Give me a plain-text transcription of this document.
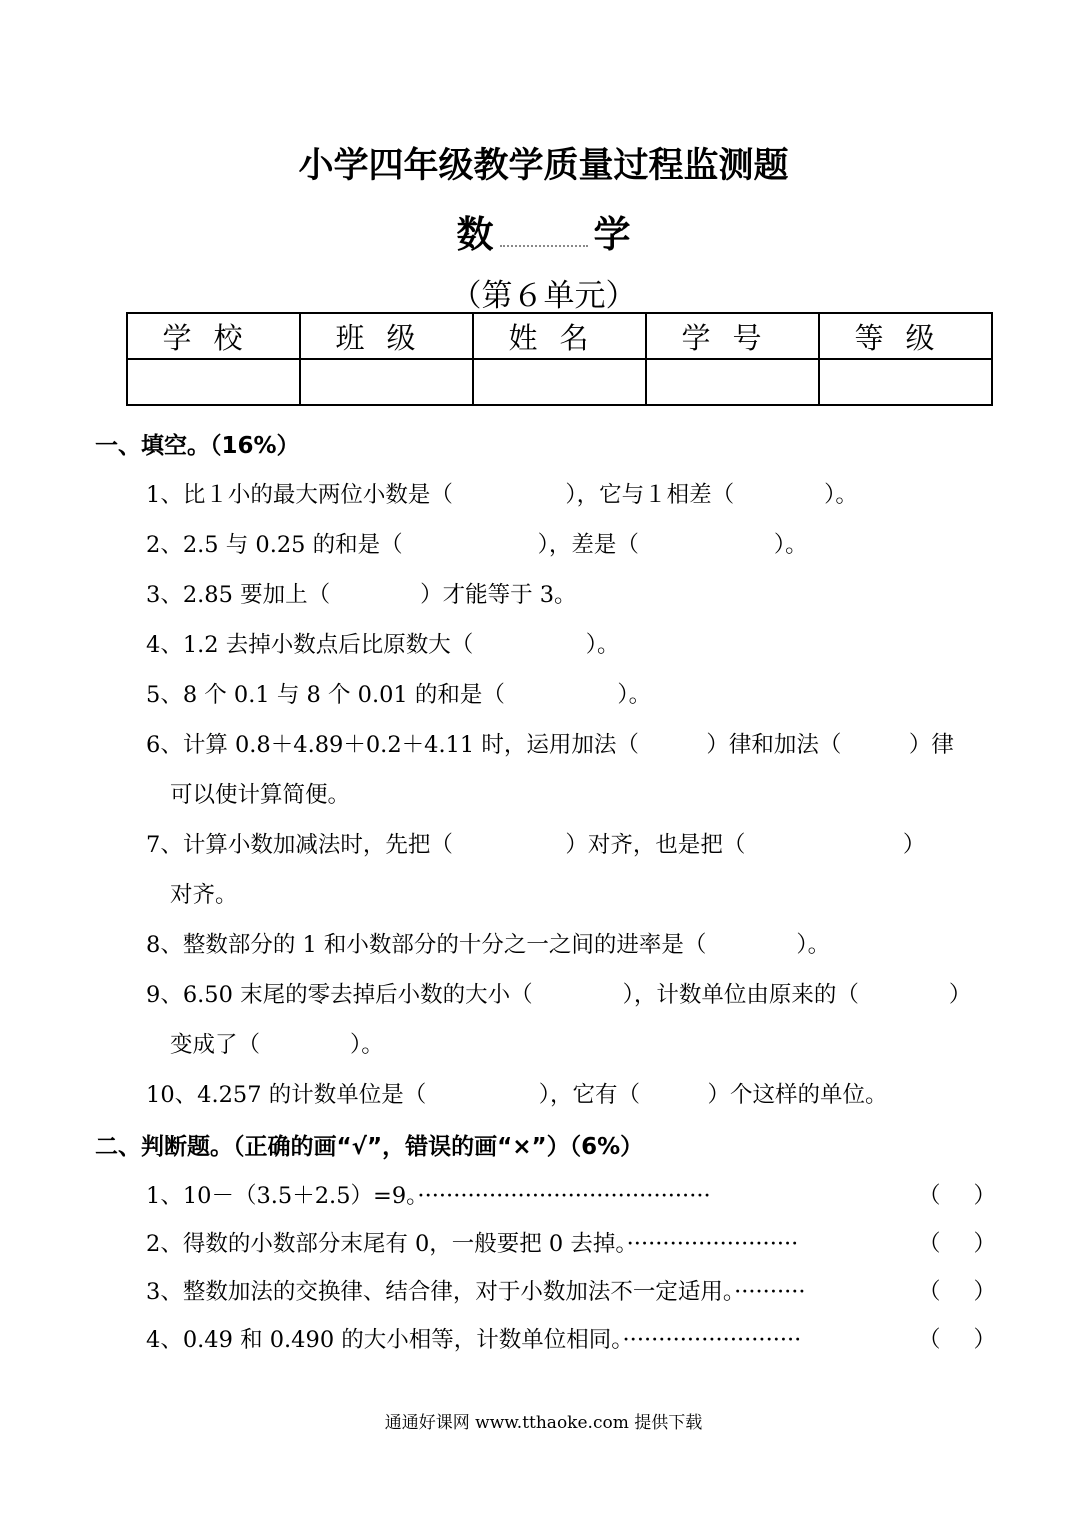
小学四年级教学质量过程监测题
数	学
（第６单元）
学校	班级	姓名	学号	等级

一、填空。（16%）
1、比１小的最大两位小数是（　　　　　），它与１相差（　　　　）。
2、2.5 与 0.25 的和是（　　　　　　），差是（　　　　　　）。
3、2.85 要加上（　　　　）才能等于 3。
4、1.2 去掉小数点后比原数大（　　　　　）。
5、8 个 0.1 与 8 个 0.01 的和是（　　　　　）。
6、计算 0.8＋4.89＋0.2＋4.11 时，运用加法（　　　）律和加法（　　　）律
可以使计算简便。
7、计算小数加减法时，先把（　　　　　）对齐，也是把（　　　　　　　）
对齐。
8、整数部分的 1 和小数部分的十分之一之间的进率是（　　　　）。
9、6.50 末尾的零去掉后小数的大小（　　　　），计数单位由原来的（　　　　）
变成了（　　　　）。
10、4.257 的计数单位是（　　　　　），它有（　　　）个这样的单位。
二、判断题。（正确的画“√”，错误的画“×”）（6%）
1、10－（3.5＋2.5）=9。·········································	（ ）
2、得数的小数部分末尾有 0，一般要把 0 去掉。························	（ ）
3、整数加法的交换律、结合律，对于小数加法不一定适用。··········	（ ）
4、0.49 和 0.490 的大小相等，计数单位相同。·························	（ ）
通通好课网 www.tthaoke.com 提供下载
